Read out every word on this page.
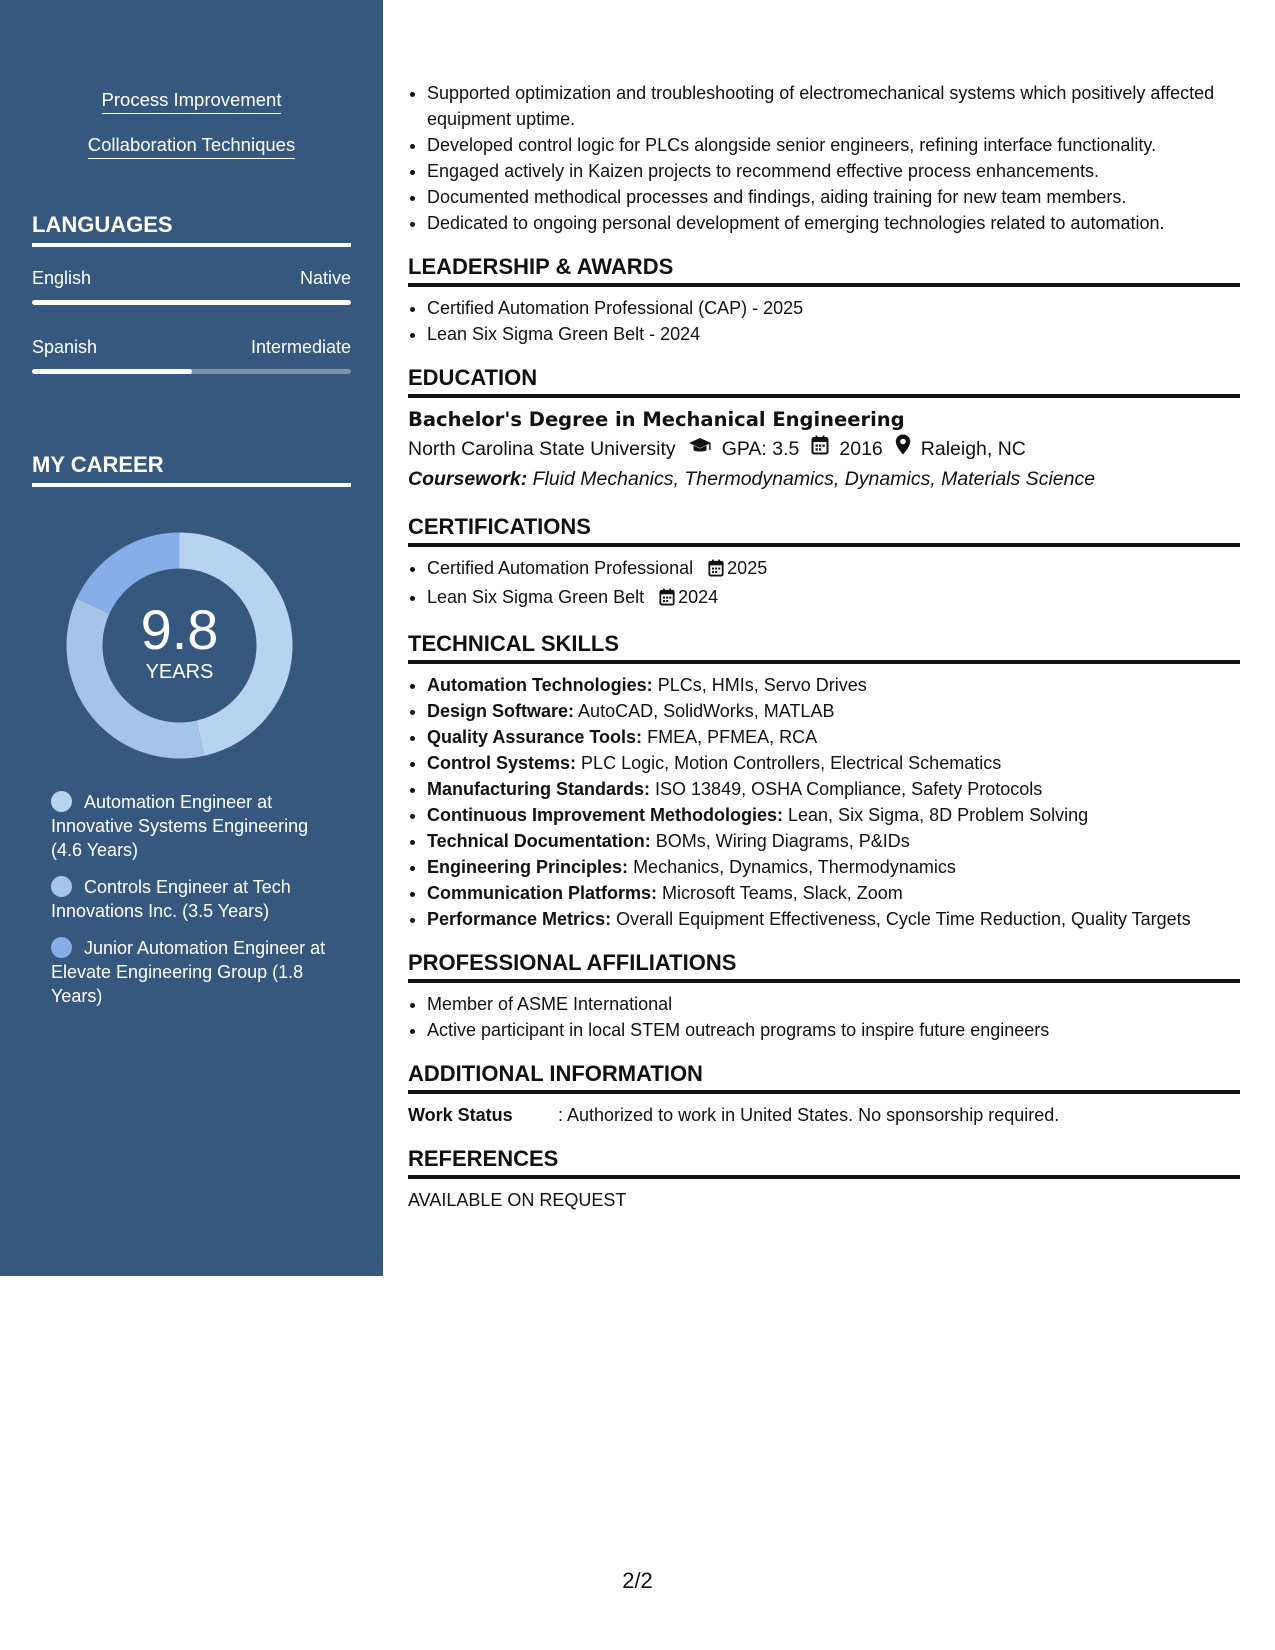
Process Improvement
Collaboration Techniques
LANGUAGES
English	Native
Spanish	Intermediate
MY CAREER
9.8
YEARS
Automation Engineer at Innovative Systems Engineering (4.6 Years)
Controls Engineer at Tech Innovations Inc. (3.5 Years)
Junior Automation Engineer at Elevate Engineering Group (1.8 Years)
• Supported optimization and troubleshooting of electromechanical systems which positively affected equipment uptime.
• Developed control logic for PLCs alongside senior engineers, refining interface functionality.
• Engaged actively in Kaizen projects to recommend effective process enhancements.
• Documented methodical processes and findings, aiding training for new team members.
• Dedicated to ongoing personal development of emerging technologies related to automation.
LEADERSHIP & AWARDS
• Certified Automation Professional (CAP) - 2025
• Lean Six Sigma Green Belt - 2024
EDUCATION
Bachelor's Degree in Mechanical Engineering
North Carolina State University GPA: 3.5 2016 Raleigh, NC
Coursework: Fluid Mechanics, Thermodynamics, Dynamics, Materials Science
CERTIFICATIONS
• Certified Automation Professional 2025
• Lean Six Sigma Green Belt 2024
TECHNICAL SKILLS
• Automation Technologies: PLCs, HMIs, Servo Drives
• Design Software: AutoCAD, SolidWorks, MATLAB
• Quality Assurance Tools: FMEA, PFMEA, RCA
• Control Systems: PLC Logic, Motion Controllers, Electrical Schematics
• Manufacturing Standards: ISO 13849, OSHA Compliance, Safety Protocols
• Continuous Improvement Methodologies: Lean, Six Sigma, 8D Problem Solving
• Technical Documentation: BOMs, Wiring Diagrams, P&IDs
• Engineering Principles: Mechanics, Dynamics, Thermodynamics
• Communication Platforms: Microsoft Teams, Slack, Zoom
• Performance Metrics: Overall Equipment Effectiveness, Cycle Time Reduction, Quality Targets
PROFESSIONAL AFFILIATIONS
• Member of ASME International
• Active participant in local STEM outreach programs to inspire future engineers
ADDITIONAL INFORMATION
Work Status	: Authorized to work in United States. No sponsorship required.
REFERENCES
AVAILABLE ON REQUEST
2/2
